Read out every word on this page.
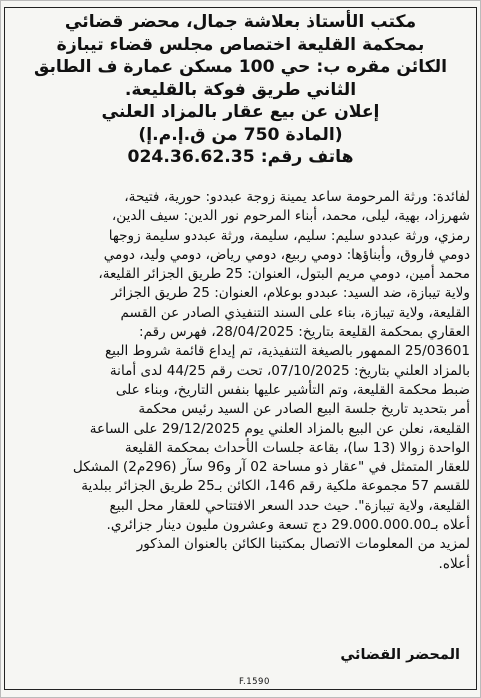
مكتب الأستاذ بعلاشة جمال، محضر قضائي
بمحكمة القليعة اختصاص مجلس قضاء تيبازة
الكائن مقره ب: حي 100 مسكن عمارة ف الطابق
الثاني طريق فوكة بالقليعة.
إعلان عن بيع عقار بالمزاد العلني
(المادة 750 من ق.إ.م.إ)
هاتف رقم: 024.36.62.35
لفائدة: ورثة المرحومة ساعد يمينة زوجة عبددو: حورية، فتيحة،
شهرزاد، بهية، ليلى، محمد، أبناء المرحوم نور الدين: سيف الدين،
رمزي، ورثة عبددو سليم: سليم، سليمة، ورثة عبددو سليمة زوجها
دومي فاروق، وأبناؤها: دومي ربيع، دومي رياض، دومي وليد، دومي
محمد أمين، دومي مريم البتول، العنوان: 25 طريق الجزائر القليعة،
ولاية تيبازة، ضد السيد: عبددو بوعلام، العنوان: 25 طريق الجزائر
القليعة، ولاية تيبازة، بناء على السند التنفيذي الصادر عن القسم
العقاري بمحكمة القليعة بتاريخ: 28/04/2025، فهرس رقم:
25/03601 الممهور بالصيغة التنفيذية، تم إيداع قائمة شروط البيع
بالمزاد العلني بتاريخ: 07/10/2025، تحت رقم 44/25 لدى أمانة
ضبط محكمة القليعة، وتم التأشير عليها بنفس التاريخ، وبناء على
أمر بتحديد تاريخ جلسة البيع الصادر عن السيد رئيس محكمة
القليعة، نعلن عن البيع بالمزاد العلني يوم 29/12/2025 على الساعة
الواحدة زوالا (13 سا)، بقاعة جلسات الأحداث بمحكمة القليعة
للعقار المتمثل في "عقار ذو مساحة 02 آر و96 سآر (296م2) المشكل
للقسم 57 مجموعة ملكية رقم 146، الكائن بـ25 طريق الجزائر ببلدية
القليعة، ولاية تيبازة". حيث حدد السعر الافتتاحي للعقار محل البيع
أعلاه بـ29.000.000.00 دج تسعة وعشرون مليون دينار جزائري.
لمزيد من المعلومات الاتصال بمكتبنا الكائن بالعنوان المذكور
أعلاه.
المحضر القضائي
F.1590
